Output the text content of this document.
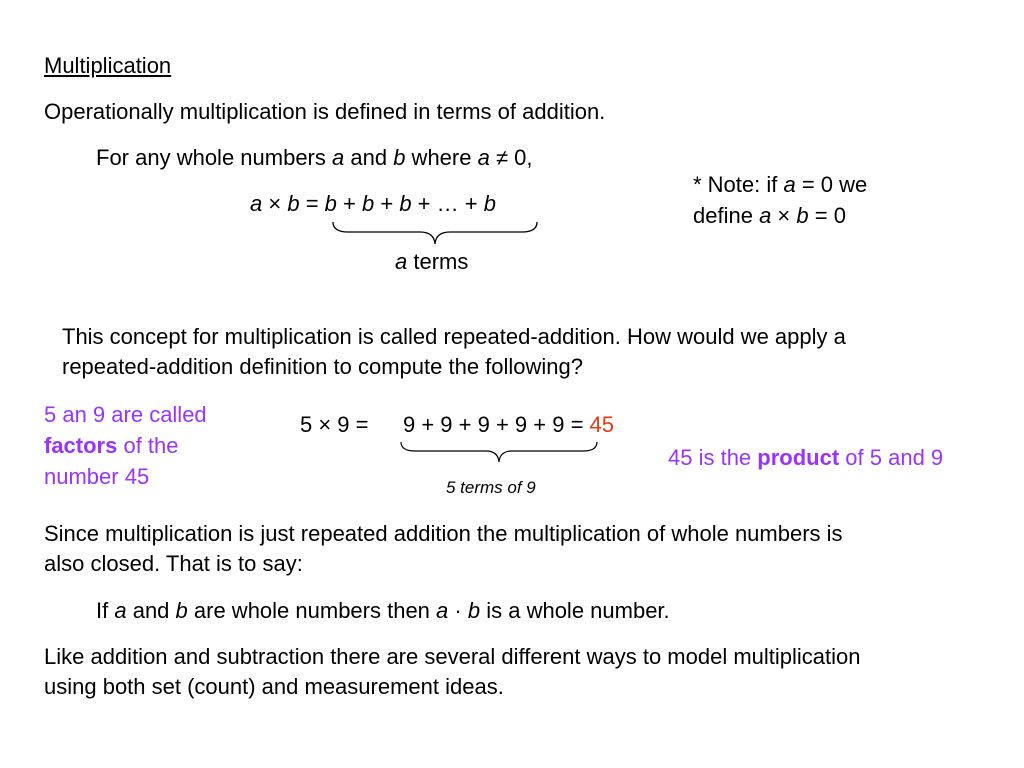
Multiplication
Operationally multiplication is defined in terms of addition.
For any whole numbers a and b where a ≠ 0,
a × b = b + b + b + … + b
a terms
* Note: if a = 0 we
define a × b = 0
This concept for multiplication is called repeated-addition. How would we apply a repeated-addition definition to compute the following?
5 an 9 are called
factors of the
number 45
5 × 9 = 9 + 9 + 9 + 9 + 9 = 45
5 terms of 9
45 is the product of 5 and 9
Since multiplication is just repeated addition the multiplication of whole numbers is also closed. That is to say:
If a and b are whole numbers then a · b is a whole number.
Like addition and subtraction there are several different ways to model multiplication using both set (count) and measurement ideas.
